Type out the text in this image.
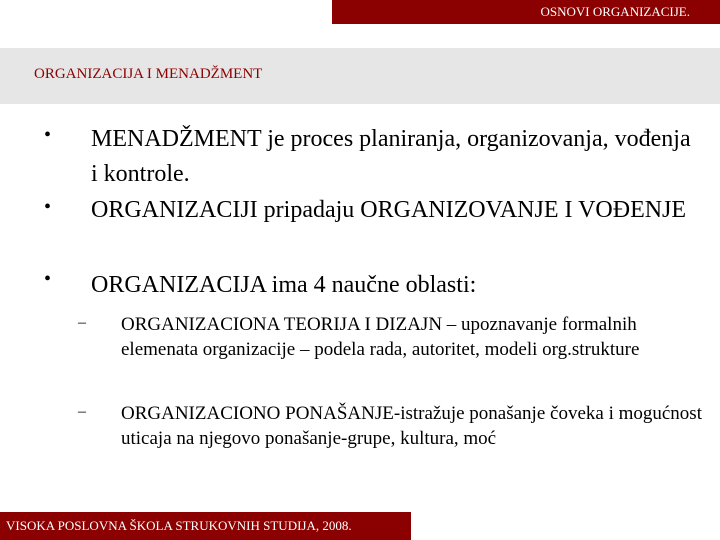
OSNOVI ORGANIZACIJE.
ORGANIZACIJA I MENADŽMENT
• MENADŽMENT je proces planiranja, organizovanja, vođenja i kontrole.
• ORGANIZACIJI pripadaju ORGANIZOVANJE I VOĐENJE
• ORGANIZACIJA ima 4 naučne oblasti:
– ORGANIZACIONA TEORIJA I DIZAJN – upoznavanje formalnih elemenata organizacije – podela rada, autoritet, modeli org.strukture
– ORGANIZACIONO PONAŠANJE-istražuje ponašanje čoveka i mogućnost uticaja na njegovo ponašanje-grupe, kultura, moć
VISOKA POSLOVNA ŠKOLA STRUKOVNIH STUDIJA, 2008.
